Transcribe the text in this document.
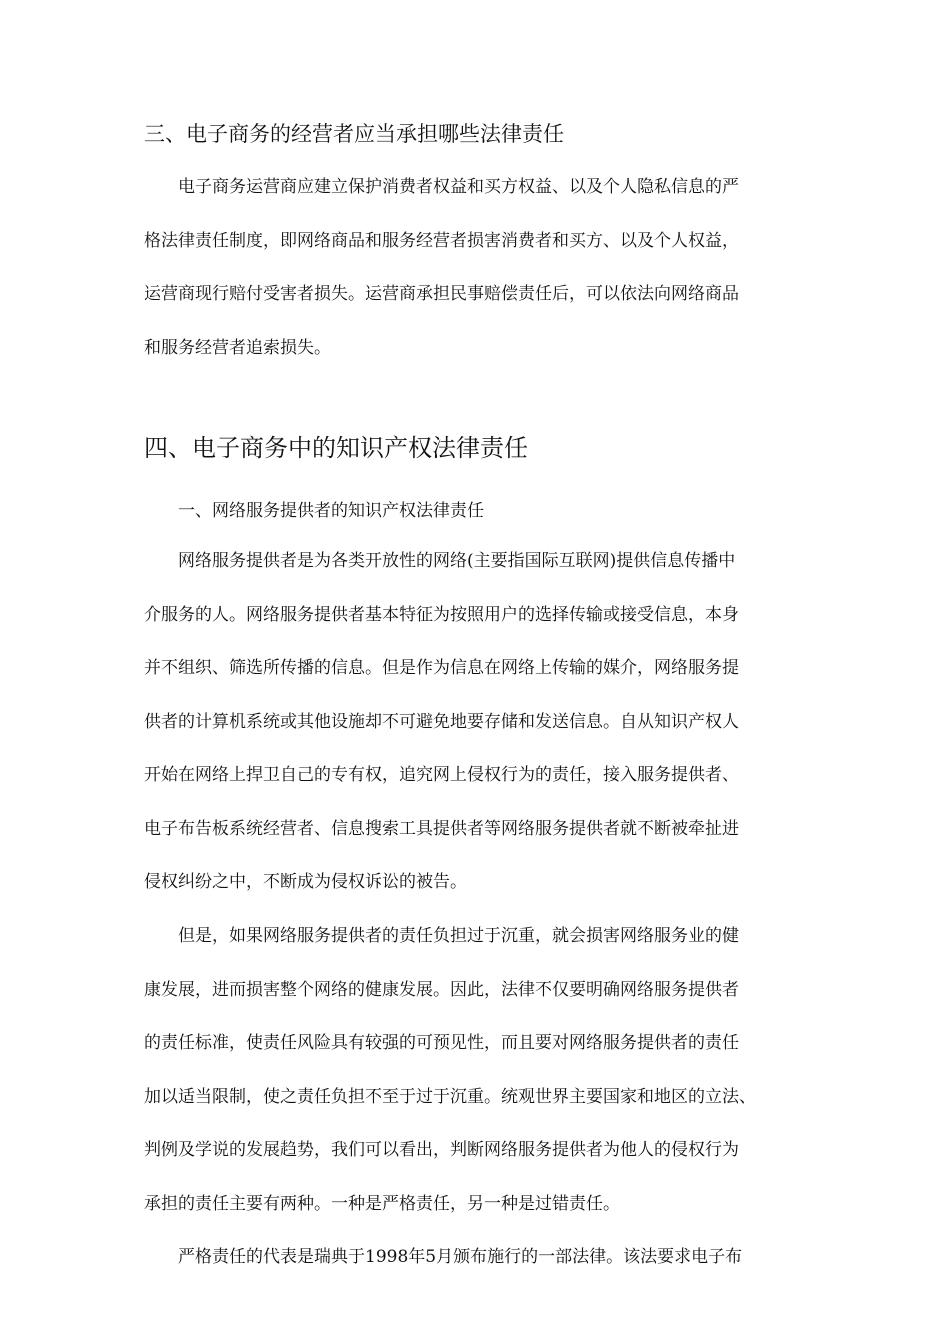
三、电子商务的经营者应当承担哪些法律责任
电子商务运营商应建立保护消费者权益和买方权益、以及个人隐私信息的严
格法律责任制度，即网络商品和服务经营者损害消费者和买方、以及个人权益，
运营商现行赔付受害者损失。运营商承担民事赔偿责任后，可以依法向网络商品
和服务经营者追索损失。
四、电子商务中的知识产权法律责任

一、网络服务提供者的知识产权法律责任

网络服务提供者是为各类开放性的网络(主要指国际互联网)提供信息传播中
介服务的人。网络服务提供者基本特征为按照用户的选择传输或接受信息，本身
并不组织、筛选所传播的信息。但是作为信息在网络上传输的媒介，网络服务提
供者的计算机系统或其他设施却不可避免地要存储和发送信息。自从知识产权人
开始在网络上捍卫自己的专有权，追究网上侵权行为的责任，接入服务提供者、
电子布告板系统经营者、信息搜索工具提供者等网络服务提供者就不断被牵扯进
侵权纠纷之中，不断成为侵权诉讼的被告。
但是，如果网络服务提供者的责任负担过于沉重，就会损害网络服务业的健
康发展，进而损害整个网络的健康发展。因此，法律不仅要明确网络服务提供者
的责任标准，使责任风险具有较强的可预见性，而且要对网络服务提供者的责任
加以适当限制，使之责任负担不至于过于沉重。统观世界主要国家和地区的立法、
判例及学说的发展趋势，我们可以看出，判断网络服务提供者为他人的侵权行为
承担的责任主要有两种。一种是严格责任，另一种是过错责任。
严格责任的代表是瑞典于1998年5月颁布施行的一部法律。该法要求电子布
